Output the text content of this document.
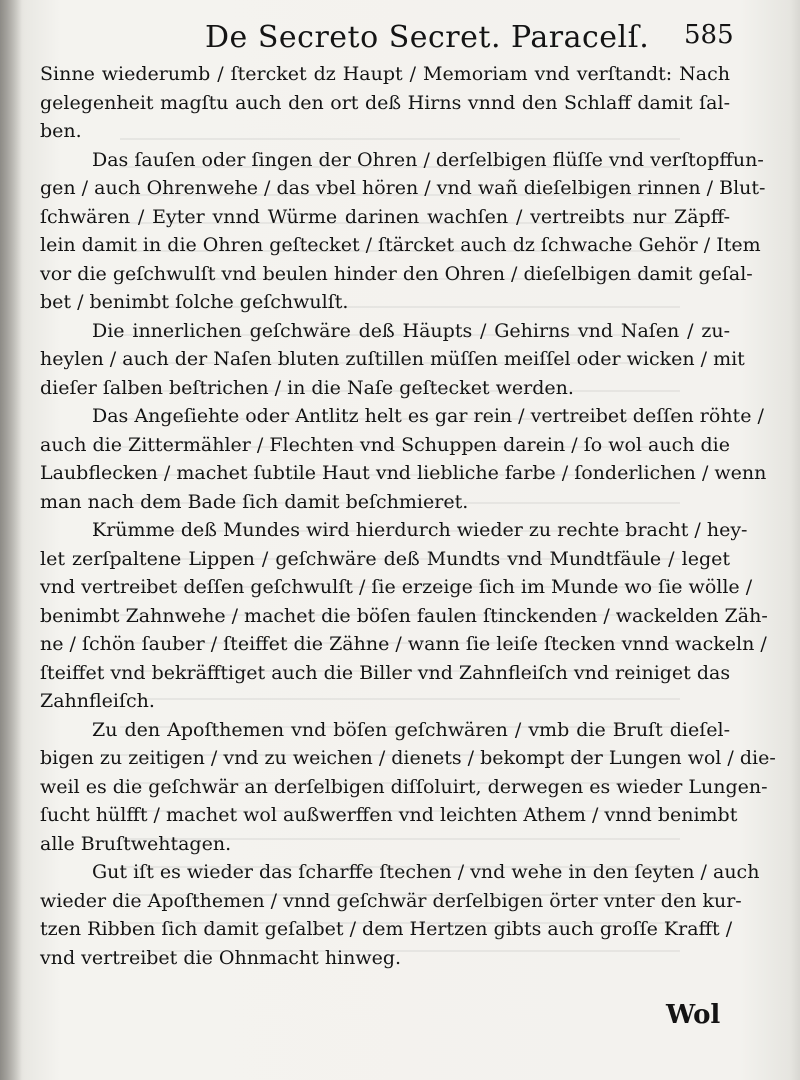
De Secreto Secret. Paracelſ. 585
Sinne wiederumb / ſtercket dz Haupt / Memoriam vnd verſtandt: Nach
gelegenheit magſtu auch den ort deß Hirns vnnd den Schlaff damit ſal-
ben.
Das ſauſen oder ſingen der Ohren / derſelbigen flüſſe vnd verſtopffun-
gen / auch Ohrenwehe / das vbel hören / vnd wañ dieſelbigen rinnen / Blut-
ſchwären / Eyter vnnd Würme darinen wachſen / vertreibts nur Zäpff-
lein damit in die Ohren geſtecket / ſtärcket auch dz ſchwache Gehör / Item
vor die geſchwulſt vnd beulen hinder den Ohren / dieſelbigen damit geſal-
bet / benimbt ſolche geſchwulſt.
Die innerlichen geſchwäre deß Häupts / Gehirns vnd Naſen / zu-
heylen / auch der Naſen bluten zuſtillen müſſen meiſſel oder wicken / mit
dieſer ſalben beſtrichen / in die Naſe geſtecket werden.
Das Angeſiehte oder Antlitz helt es gar rein / vertreibet deſſen röhte /
auch die Zittermähler / Flechten vnd Schuppen darein / ſo wol auch die
Laubflecken / machet ſubtile Haut vnd liebliche farbe / ſonderlichen / wenn
man nach dem Bade ſich damit beſchmieret.
Krümme deß Mundes wird hierdurch wieder zu rechte bracht / hey-
let zerſpaltene Lippen / geſchwäre deß Mundts vnd Mundtfäule / leget
vnd vertreibet deſſen geſchwulſt / ſie erzeige ſich im Munde wo ſie wölle /
benimbt Zahnwehe / machet die böſen faulen ſtinckenden / wackelden Zäh-
ne / ſchön ſauber / ſteiffet die Zähne / wann ſie leiſe ſtecken vnnd wackeln /
ſteiffet vnd bekräfftiget auch die Biller vnd Zahnfleiſch vnd reiniget das
Zahnfleiſch.
Zu den Apoſthemen vnd böſen geſchwären / vmb die Bruſt dieſel-
bigen zu zeitigen / vnd zu weichen / dienets / bekompt der Lungen wol / die-
weil es die geſchwär an derſelbigen diſſoluirt, derwegen es wieder Lungen-
ſucht hülfft / machet wol außwerffen vnd leichten Athem / vnnd benimbt
alle Bruſtwehtagen.
Gut iſt es wieder das ſcharffe ſtechen / vnd wehe in den ſeyten / auch
wieder die Apoſthemen / vnnd geſchwär derſelbigen örter vnter den kur-
tzen Ribben ſich damit geſalbet / dem Hertzen gibts auch groſſe Krafft /
vnd vertreibet die Ohnmacht hinweg.
Wol
